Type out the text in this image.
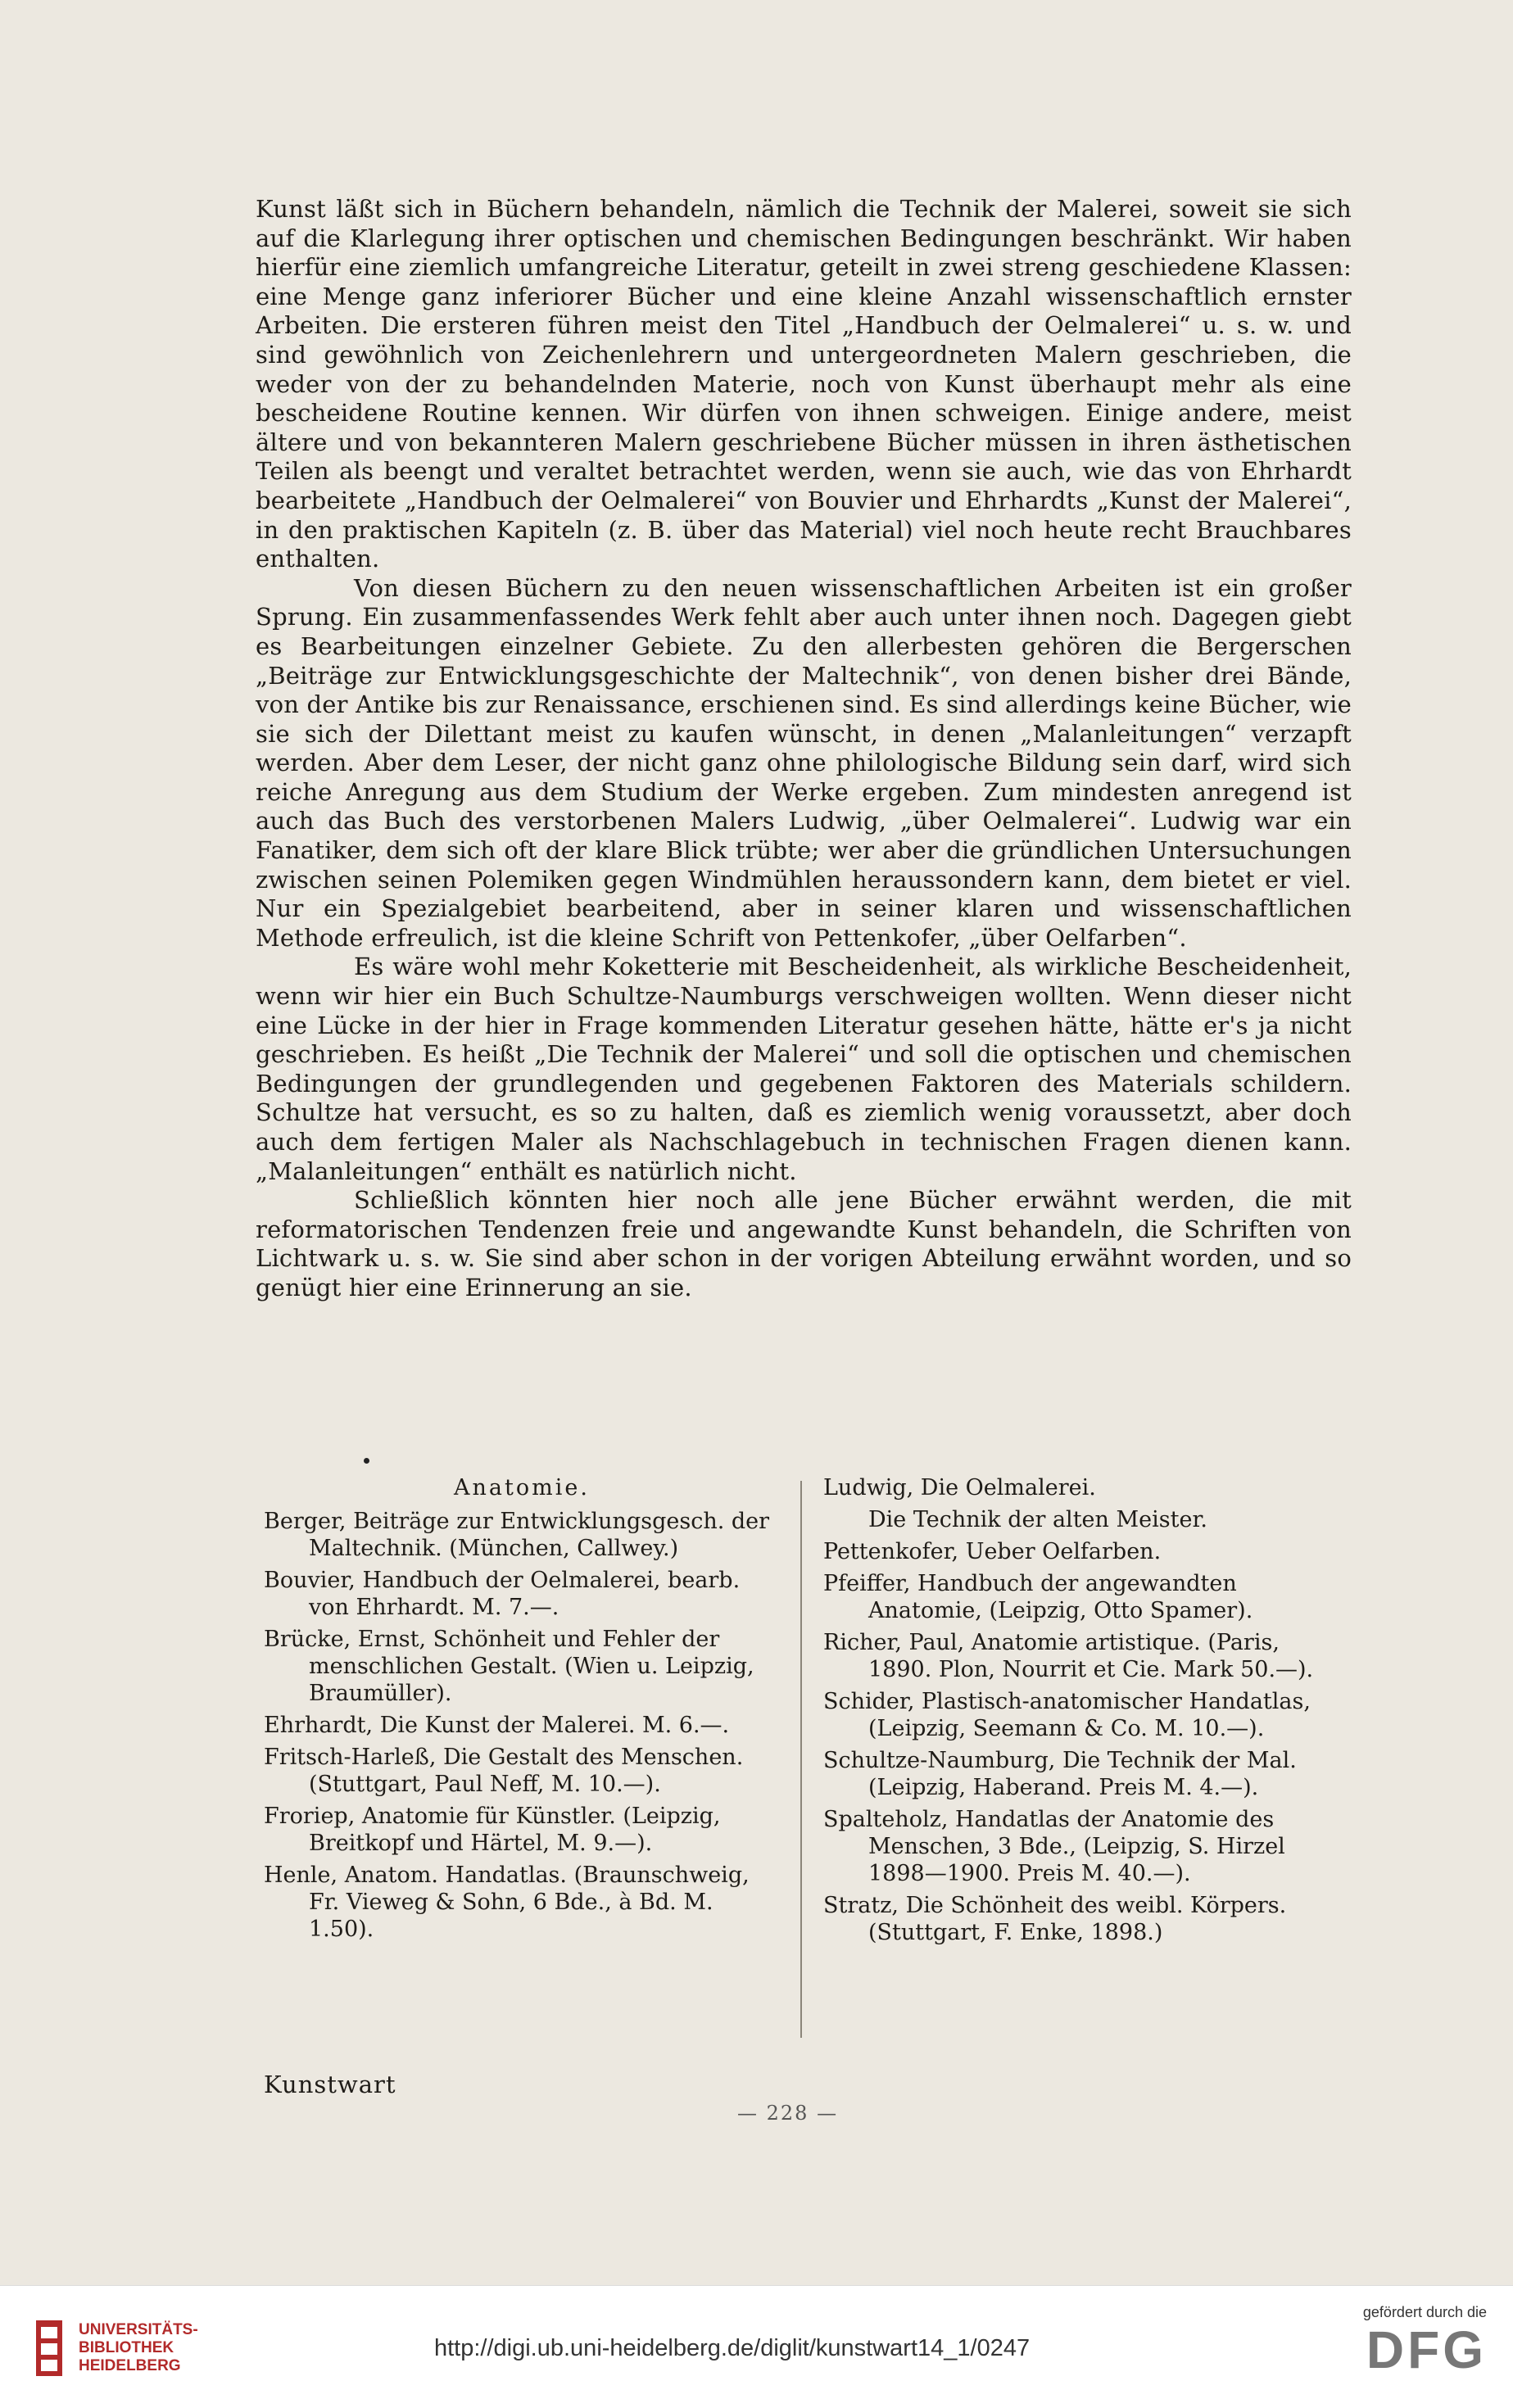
Kunst läßt sich in Büchern behandeln, nämlich die Technik der Malerei, soweit sie sich auf die Klarlegung ihrer optischen und chemischen Bedingungen beschränkt. Wir haben hierfür eine ziemlich umfangreiche Literatur, geteilt in zwei streng geschiedene Klassen: eine Menge ganz inferiorer Bücher und eine kleine Anzahl wissenschaftlich ernster Arbeiten. Die ersteren führen meist den Titel „Handbuch der Oelmalerei“ u. s. w. und sind gewöhnlich von Zeichenlehrern und untergeordneten Malern geschrieben, die weder von der zu behandelnden Materie, noch von Kunst überhaupt mehr als eine bescheidene Routine kennen. Wir dürfen von ihnen schweigen. Einige andere, meist ältere und von bekannteren Malern geschriebene Bücher müssen in ihren ästhetischen Teilen als beengt und veraltet betrachtet werden, wenn sie auch, wie das von Ehrhardt bearbeitete „Handbuch der Oelmalerei“ von Bouvier und Ehrhardts „Kunst der Malerei“, in den praktischen Kapiteln (z. B. über das Material) viel noch heute recht Brauchbares enthalten.

Von diesen Büchern zu den neuen wissenschaftlichen Arbeiten ist ein großer Sprung. Ein zusammenfassendes Werk fehlt aber auch unter ihnen noch. Dagegen giebt es Bearbeitungen einzelner Gebiete. Zu den allerbesten gehören die Bergerschen „Beiträge zur Entwicklungsgeschichte der Maltechnik“, von denen bisher drei Bände, von der Antike bis zur Renaissance, erschienen sind. Es sind allerdings keine Bücher, wie sie sich der Dilettant meist zu kaufen wünscht, in denen „Malanleitungen“ verzapft werden. Aber dem Leser, der nicht ganz ohne philologische Bildung sein darf, wird sich reiche Anregung aus dem Studium der Werke ergeben. Zum mindesten anregend ist auch das Buch des verstorbenen Malers Ludwig, „über Oelmalerei“. Ludwig war ein Fanatiker, dem sich oft der klare Blick trübte; wer aber die gründlichen Untersuchungen zwischen seinen Polemiken gegen Windmühlen heraussondern kann, dem bietet er viel. Nur ein Spezialgebiet bearbeitend, aber in seiner klaren und wissenschaftlichen Methode erfreulich, ist die kleine Schrift von Pettenkofer, „über Oelfarben“.

Es wäre wohl mehr Koketterie mit Bescheidenheit, als wirkliche Bescheidenheit, wenn wir hier ein Buch Schultze-Naumburgs verschweigen wollten. Wenn dieser nicht eine Lücke in der hier in Frage kommenden Literatur gesehen hätte, hätte er's ja nicht geschrieben. Es heißt „Die Technik der Malerei“ und soll die optischen und chemischen Bedingungen der grundlegenden und gegebenen Faktoren des Materials schildern. Schultze hat versucht, es so zu halten, daß es ziemlich wenig voraussetzt, aber doch auch dem fertigen Maler als Nachschlagebuch in technischen Fragen dienen kann. „Malanleitungen“ enthält es natürlich nicht.

Schließlich könnten hier noch alle jene Bücher erwähnt werden, die mit reformatorischen Tendenzen freie und angewandte Kunst behandeln, die Schriften von Lichtwark u. s. w. Sie sind aber schon in der vorigen Abteilung erwähnt worden, und so genügt hier eine Erinnerung an sie.

Anatomie.
Berger, Beiträge zur Entwicklungsgesch. der Maltechnik. (München, Callwey.)
Bouvier, Handbuch der Oelmalerei, bearb. von Ehrhardt. M. 7.—.
Brücke, Ernst, Schönheit und Fehler der menschlichen Gestalt. (Wien u. Leipzig, Braumüller).
Ehrhardt, Die Kunst der Malerei. M. 6.—.
Fritsch-Harleß, Die Gestalt des Menschen. (Stuttgart, Paul Neff, M. 10.—).
Froriep, Anatomie für Künstler. (Leipzig, Breitkopf und Härtel, M. 9.—).
Henle, Anatom. Handatlas. (Braunschweig, Fr. Vieweg & Sohn, 6 Bde., à Bd. M. 1.50).
Ludwig, Die Oelmalerei.
Die Technik der alten Meister.
Pettenkofer, Ueber Oelfarben.
Pfeiffer, Handbuch der angewandten Anatomie, (Leipzig, Otto Spamer).
Richer, Paul, Anatomie artistique. (Paris, 1890. Plon, Nourrit et Cie. Mark 50.—).
Schider, Plastisch-anatomischer Handatlas, (Leipzig, Seemann & Co. M. 10.—).
Schultze-Naumburg, Die Technik der Mal. (Leipzig, Haberand. Preis M. 4.—).
Spalteholz, Handatlas der Anatomie des Menschen, 3 Bde., (Leipzig, S. Hirzel 1898—1900. Preis M. 40.—).
Stratz, Die Schönheit des weibl. Körpers. (Stuttgart, F. Enke, 1898.)
Kunstwart
— 228 —
UNIVERSITÄTS-
BIBLIOTHEK
HEIDELBERG
http://digi.ub.uni-heidelberg.de/diglit/kunstwart14_1/0247
gefördert durch die
DFG
